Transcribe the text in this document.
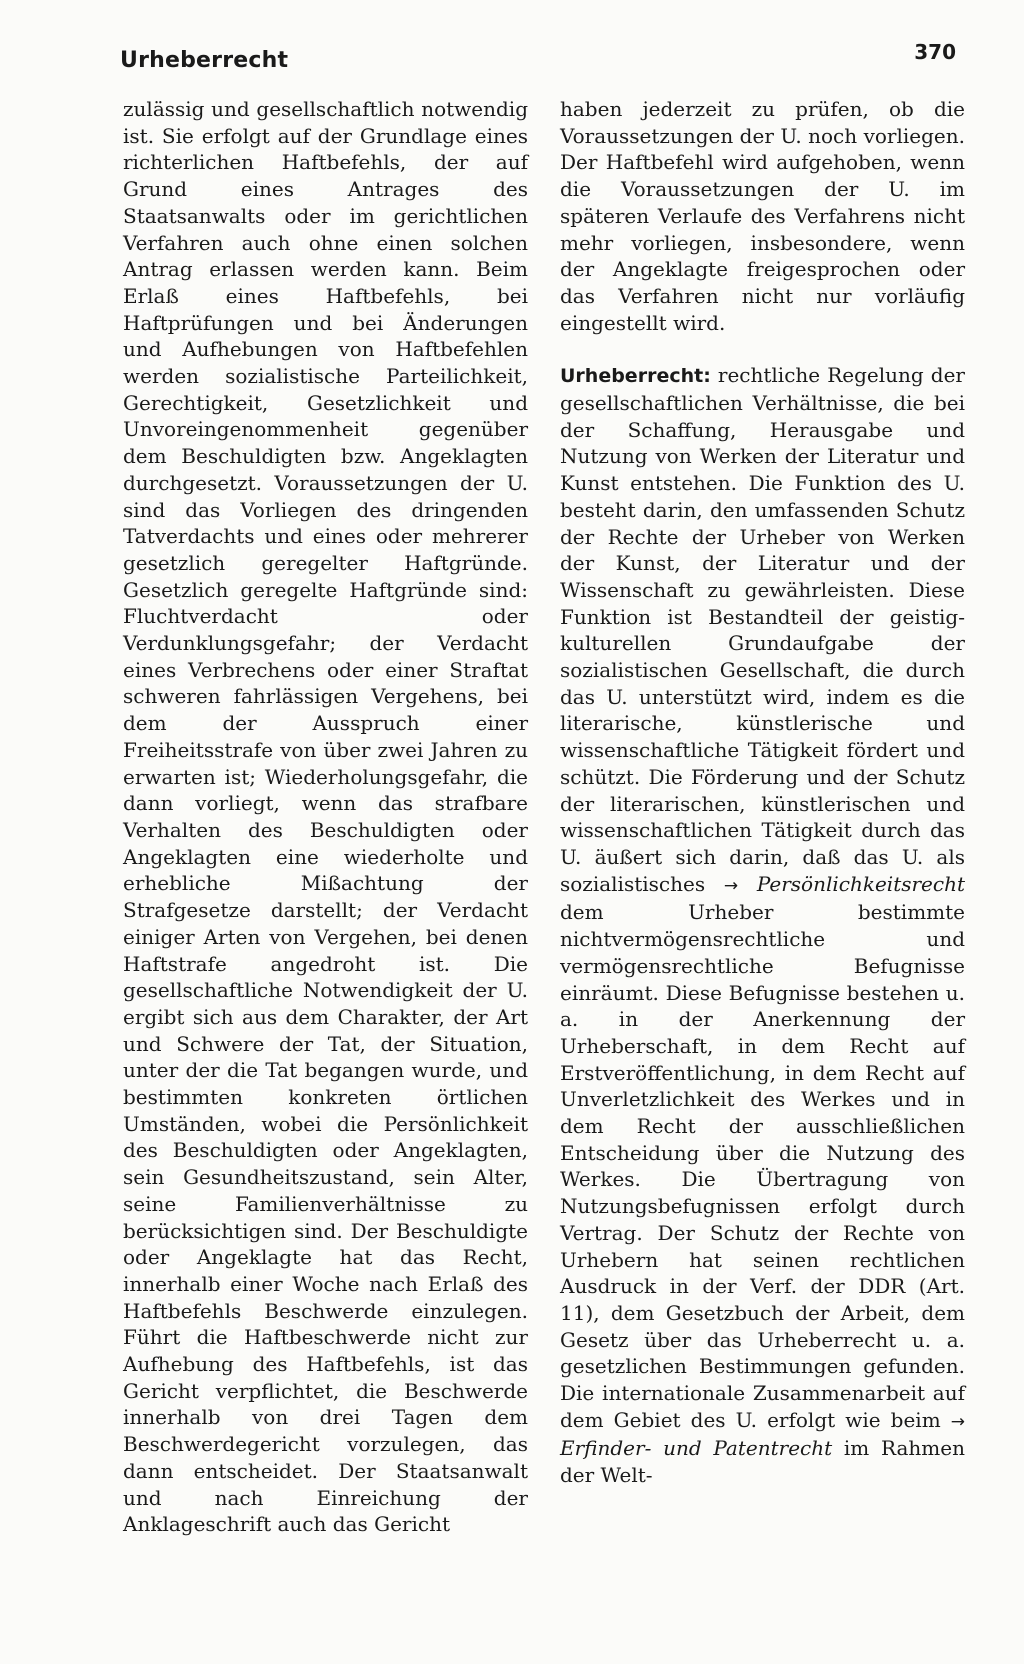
Urheberrecht	370

zulässig und gesellschaftlich notwendig ist. Sie erfolgt auf der Grundlage eines richterlichen Haftbefehls, der auf Grund eines Antrages des Staatsanwalts oder im gerichtlichen Verfahren auch ohne einen solchen Antrag erlassen werden kann. Beim Erlaß eines Haftbefehls, bei Haftprüfungen und bei Änderungen und Aufhebungen von Haftbefehlen werden sozialistische Parteilichkeit, Gerechtigkeit, Gesetzlichkeit und Unvoreingenommenheit gegenüber dem Beschuldigten bzw. Angeklagten durchgesetzt. Voraussetzungen der U. sind das Vorliegen des dringenden Tatverdachts und eines oder mehrerer gesetzlich geregelter Haftgründe. Gesetzlich geregelte Haftgründe sind: Fluchtverdacht oder Verdunklungsgefahr; der Verdacht eines Verbrechens oder einer Straftat schweren fahrlässigen Vergehens, bei dem der Ausspruch einer Freiheitsstrafe von über zwei Jahren zu erwarten ist; Wiederholungsgefahr, die dann vorliegt, wenn das strafbare Verhalten des Beschuldigten oder Angeklagten eine wiederholte und erhebliche Mißachtung der Strafgesetze darstellt; der Verdacht einiger Arten von Vergehen, bei denen Haftstrafe angedroht ist. Die gesellschaftliche Notwendigkeit der U. ergibt sich aus dem Charakter, der Art und Schwere der Tat, der Situation, unter der die Tat begangen wurde, und bestimmten konkreten örtlichen Umständen, wobei die Persönlichkeit des Beschuldigten oder Angeklagten, sein Gesundheitszustand, sein Alter, seine Familienverhältnisse zu berücksichtigen sind. Der Beschuldigte oder Angeklagte hat das Recht, innerhalb einer Woche nach Erlaß des Haftbefehls Beschwerde einzulegen. Führt die Haftbeschwerde nicht zur Aufhebung des Haftbefehls, ist das Gericht verpflichtet, die Beschwerde innerhalb von drei Tagen dem Beschwerdegericht vorzulegen, das dann entscheidet. Der Staatsanwalt und nach Einreichung der Anklageschrift auch das Gericht

haben jederzeit zu prüfen, ob die Voraussetzungen der U. noch vorliegen. Der Haftbefehl wird aufgehoben, wenn die Voraussetzungen der U. im späteren Verlaufe des Verfahrens nicht mehr vorliegen, insbesondere, wenn der Angeklagte freigesprochen oder das Verfahren nicht nur vorläufig eingestellt wird.

Urheberrecht: rechtliche Regelung der gesellschaftlichen Verhältnisse, die bei der Schaffung, Herausgabe und Nutzung von Werken der Literatur und Kunst entstehen. Die Funktion des U. besteht darin, den umfassenden Schutz der Rechte der Urheber von Werken der Kunst, der Literatur und der Wissenschaft zu gewährleisten. Diese Funktion ist Bestandteil der geistig-kulturellen Grundaufgabe der sozialistischen Gesellschaft, die durch das U. unterstützt wird, indem es die literarische, künstlerische und wissenschaftliche Tätigkeit fördert und schützt. Die Förderung und der Schutz der literarischen, künstlerischen und wissenschaftlichen Tätigkeit durch das U. äußert sich darin, daß das U. als sozialistisches → Persönlichkeitsrecht dem Urheber bestimmte nichtvermögensrechtliche und vermögensrechtliche Befugnisse einräumt. Diese Befugnisse bestehen u. a. in der Anerkennung der Urheberschaft, in dem Recht auf Erstveröffentlichung, in dem Recht auf Unverletzlichkeit des Werkes und in dem Recht der ausschließlichen Entscheidung über die Nutzung des Werkes. Die Übertragung von Nutzungsbefugnissen erfolgt durch Vertrag. Der Schutz der Rechte von Urhebern hat seinen rechtlichen Ausdruck in der Verf. der DDR (Art. 11), dem Gesetzbuch der Arbeit, dem Gesetz über das Urheberrecht u. a. gesetzlichen Bestimmungen gefunden. Die internationale Zusammenarbeit auf dem Gebiet des U. erfolgt wie beim → Erfinder- und Patentrecht im Rahmen der Welt-
